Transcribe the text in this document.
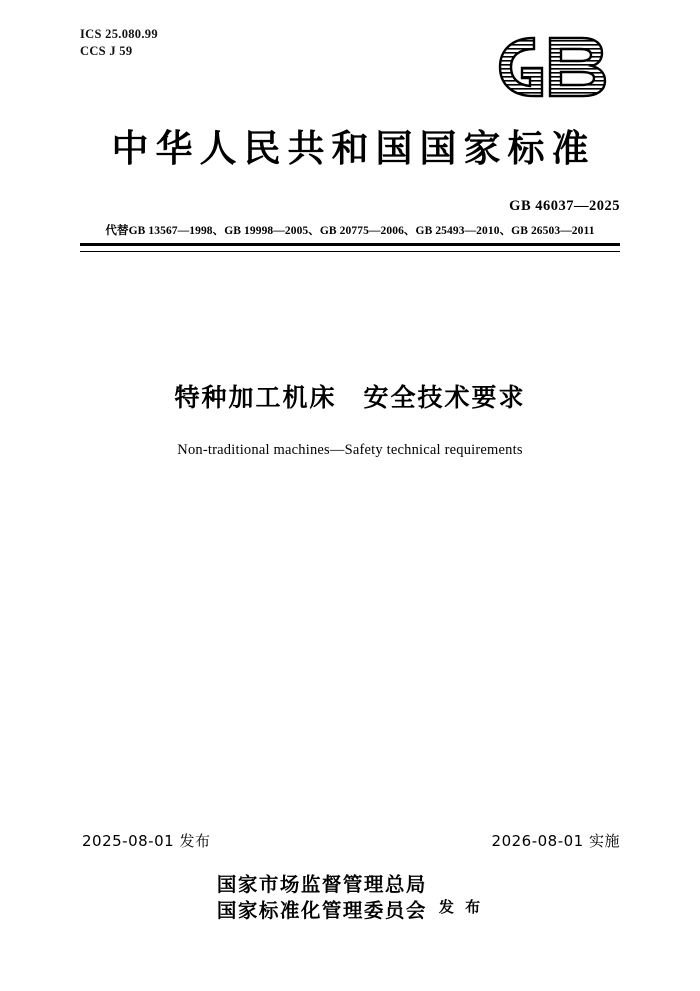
ICS 25.080.99
CCS J 59
中华人民共和国国家标准
GB 46037—2025
代替GB 13567—1998、GB 19998—2005、GB 20775—2006、GB 25493—2010、GB 26503—2011
特种加工机床　安全技术要求
Non-traditional machines—Safety technical requirements
2025-08-01 发布	2026-08-01 实施
国家市场监督管理总局
国家标准化管理委员会 发 布
